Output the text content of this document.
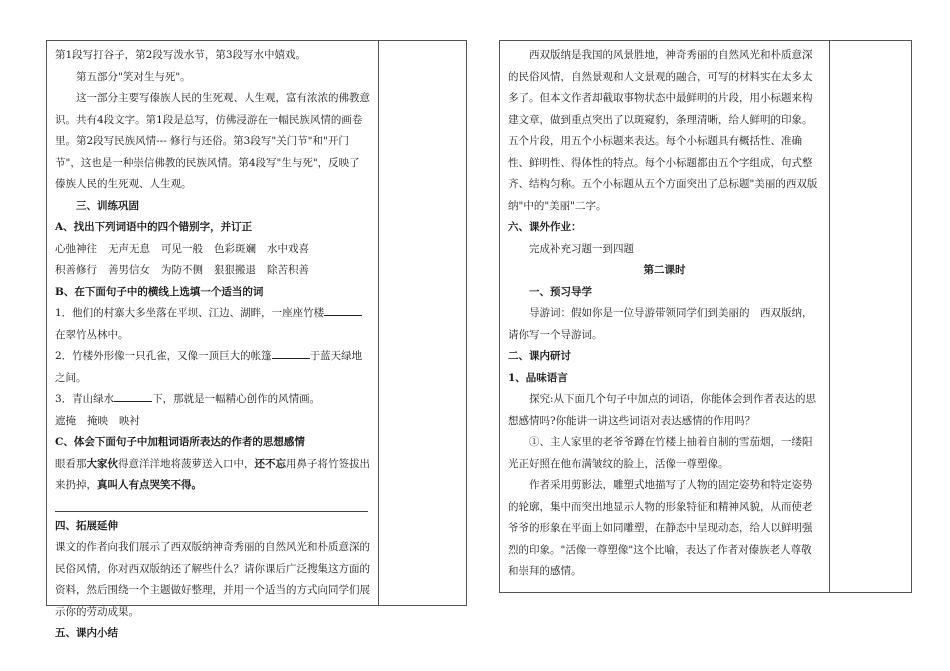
第1段写打谷子，第2段写泼水节，第3段写水中嬉戏。

第五部分"笑对生与死"。

这一部分主要写傣族人民的生死观、人生观，富有浓浓的佛教意识。共有4段文字。第1段是总写，仿佛浸游在一幅民族风情的画卷里。第2段写民族风情--- 修行与还俗。第3段写"关门节"和"开门节"，这也是一种崇信佛教的民族风情。第4段写"生与死"，反映了傣族人民的生死观、人生观。

三、训练巩固

A、找出下列词语中的四个错别字，并订正

心弛神往 无声无息 可见一般 色彩斑斓 水中戏喜

积善修行 善男信女 为防不侧 狠狠搬退 除苦积善

B、在下面句子中的横线上选填一个适当的词

1．他们的村寨大多坐落在平坝、江边、湖畔，一座座竹楼在翠竹丛林中。

2．竹楼外形像一只孔雀，又像一顶巨大的帐篷	于蓝天绿地之间。

3．青山绿水	下，那就是一幅精心创作的风情画。

遮掩 掩映 映衬

C、体会下面句子中加粗词语所表达的作者的思想感情

眼看那大家伙得意洋洋地将菠萝送入口中，还不忘用鼻子将竹签拔出来扔掉，真叫人有点哭笑不得。

四、拓展延伸

课文的作者向我们展示了西双版纳神奇秀丽的自然风光和朴质意深的民俗风情，你对西双版纳还了解些什么？请你课后广泛搜集这方面的资料，然后围绕一个主题做好整理，并用一个适当的方式向同学们展示你的劳动成果。

五、课内小结

西双版纳是我国的风景胜地，神奇秀丽的自然风光和朴质意深的民俗风情，自然景观和人文景观的融合，可写的材料实在太多太多了。但本文作者却截取事物状态中最鲜明的片段，用小标题来构建文章，做到重点突出了以斑窥豹，条理清晰，给人鲜明的印象。五个片段，用五个小标题来表达。每个小标题具有概括性、准确性、鲜明性、得体性的特点。每个小标题都由五个字组成，句式整齐、结构匀称。五个小标题从五个方面突出了总标题"美丽的西双版纳"中的"美丽"二字。

六、课外作业：

完成补充习题一到四题

第二课时

一、预习导学

导游词：假如你是一位导游带领同学们到美丽的　西双版纳，请你写一个导游词。

二、课内研讨

1、品味语言

探究:从下面几个句子中加点的词语，你能体会到作者表达的思想感情吗?你能讲一讲这些词语对表达感情的作用吗？

①、主人家里的老爷爷蹲在竹楼上抽着自制的雪茄烟，一缕阳光正好照在他布满皱纹的脸上，活像一尊塑像。

作者采用剪影法，雕塑式地描写了人物的固定姿势和特定姿势的轮廓，集中而突出地显示人物的形象特征和精神风貌，从而使老爷爷的形象在平面上如同雕塑，在静态中呈现动态，给人以鲜明强烈的印象。"活像一尊塑像"这个比喻，表达了作者对傣族老人尊敬和崇拜的感情。
